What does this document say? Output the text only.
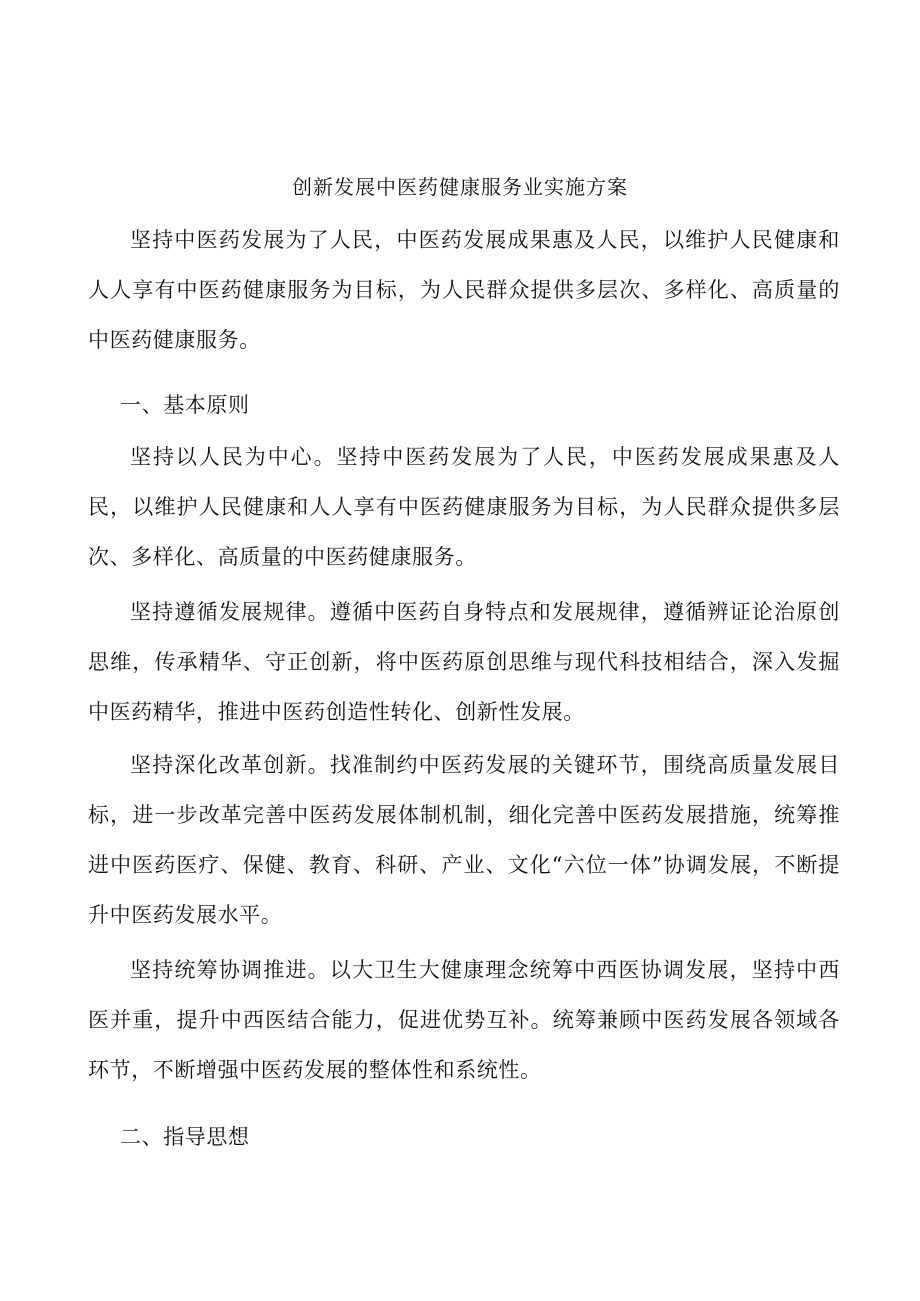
创新发展中医药健康服务业实施方案

坚持中医药发展为了人民，中医药发展成果惠及人民，以维护人民健康和人人享有中医药健康服务为目标，为人民群众提供多层次、多样化、高质量的中医药健康服务。

一、基本原则

坚持以人民为中心。坚持中医药发展为了人民，中医药发展成果惠及人民，以维护人民健康和人人享有中医药健康服务为目标，为人民群众提供多层次、多样化、高质量的中医药健康服务。

坚持遵循发展规律。遵循中医药自身特点和发展规律，遵循辨证论治原创思维，传承精华、守正创新，将中医药原创思维与现代科技相结合，深入发掘中医药精华，推进中医药创造性转化、创新性发展。

坚持深化改革创新。找准制约中医药发展的关键环节，围绕高质量发展目标，进一步改革完善中医药发展体制机制，细化完善中医药发展措施，统筹推进中医药医疗、保健、教育、科研、产业、文化“六位一体”协调发展，不断提升中医药发展水平。

坚持统筹协调推进。以大卫生大健康理念统筹中西医协调发展，坚持中西医并重，提升中西医结合能力，促进优势互补。统筹兼顾中医药发展各领域各环节，不断增强中医药发展的整体性和系统性。

二、指导思想
